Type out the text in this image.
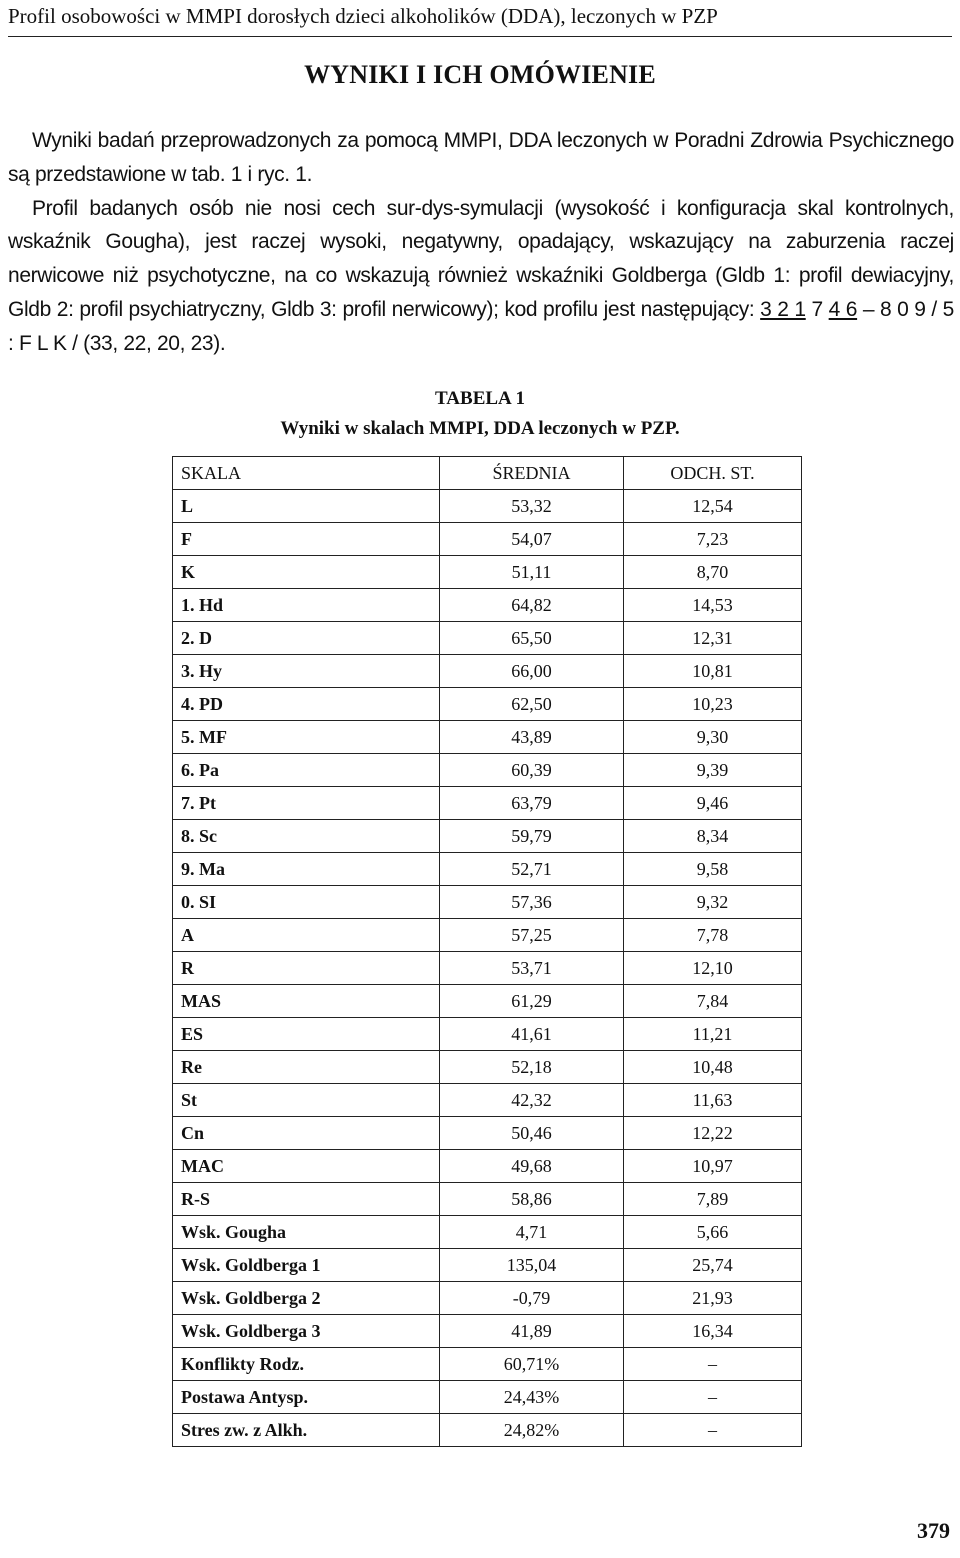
Profil osobowości w MMPI dorosłych dzieci alkoholików (DDA), leczonych w PZP
WYNIKI I ICH OMÓWIENIE

Wyniki badań przeprowadzonych za pomocą MMPI, DDA leczonych w Poradni Zdrowia Psychicznego są przedstawione w tab. 1 i ryc. 1.

Profil badanych osób nie nosi cech sur-dys-symulacji (wysokość i konfiguracja skal kontrolnych, wskaźnik Gougha), jest raczej wysoki, negatywny, opadający, wskazujący na zaburzenia raczej nerwicowe niż psychotyczne, na co wskazują również wskaźniki Goldberga (Gldb 1: profil dewiacyjny, Gldb 2: profil psychiatryczny, Gldb 3: profil nerwicowy); kod profilu jest następujący: 3 2 1 7 4 6 – 8 0 9 / 5 : F L K / (33, 22, 20, 23).

TABELA 1
Wyniki w skalach MMPI, DDA leczonych w PZP.
SKALA	ŚREDNIA	ODCH. ST.
L	53,32	12,54
F	54,07	7,23
K	51,11	8,70
1. Hd	64,82	14,53
2. D	65,50	12,31
3. Hy	66,00	10,81
4. PD	62,50	10,23
5. MF	43,89	9,30
6. Pa	60,39	9,39
7. Pt	63,79	9,46
8. Sc	59,79	8,34
9. Ma	52,71	9,58
0. SI	57,36	9,32
A	57,25	7,78
R	53,71	12,10
MAS	61,29	7,84
ES	41,61	11,21
Re	52,18	10,48
St	42,32	11,63
Cn	50,46	12,22
MAC	49,68	10,97
R-S	58,86	7,89
Wsk. Gougha	4,71	5,66
Wsk. Goldberga 1	135,04	25,74
Wsk. Goldberga 2	-0,79	21,93
Wsk. Goldberga 3	41,89	16,34
Konflikty Rodz.	60,71%	–
Postawa Antysp.	24,43%	–
Stres zw. z Alkh.	24,82%	–
379
